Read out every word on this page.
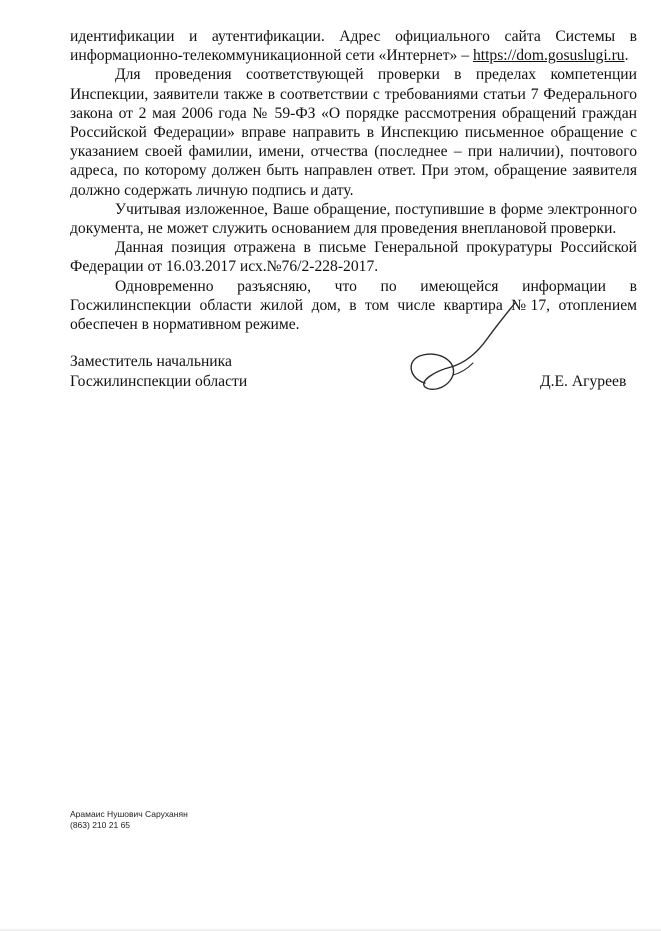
идентификации и аутентификации. Адрес официального сайта Системы в информационно-телекоммуникационной сети «Интернет» – https://dom.gosuslugi.ru.

Для проведения соответствующей проверки в пределах компетенции Инспекции, заявители также в соответствии с требованиями статьи 7 Федерального закона от 2 мая 2006 года № 59-ФЗ «О порядке рассмотрения обращений граждан Российской Федерации» вправе направить в Инспекцию письменное обращение с указанием своей фамилии, имени, отчества (последнее – при наличии), почтового адреса, по которому должен быть направлен ответ. При этом, обращение заявителя должно содержать личную подпись и дату.

Учитывая изложенное, Ваше обращение, поступившие в форме электронного документа, не может служить основанием для проведения внеплановой проверки.

Данная позиция отражена в письме Генеральной прокуратуры Российской Федерации от 16.03.2017 исх.№76/2-228-2017.

Одновременно разъясняю, что по имеющейся информации в Госжилинспекции области жилой дом, в том числе квартира №17, отоплением обеспечен в нормативном режиме.

Заместитель начальника
Госжилинспекции области	Д.Е. Агуреев
Арамаис Нушович Саруханян
(863) 210 21 65
